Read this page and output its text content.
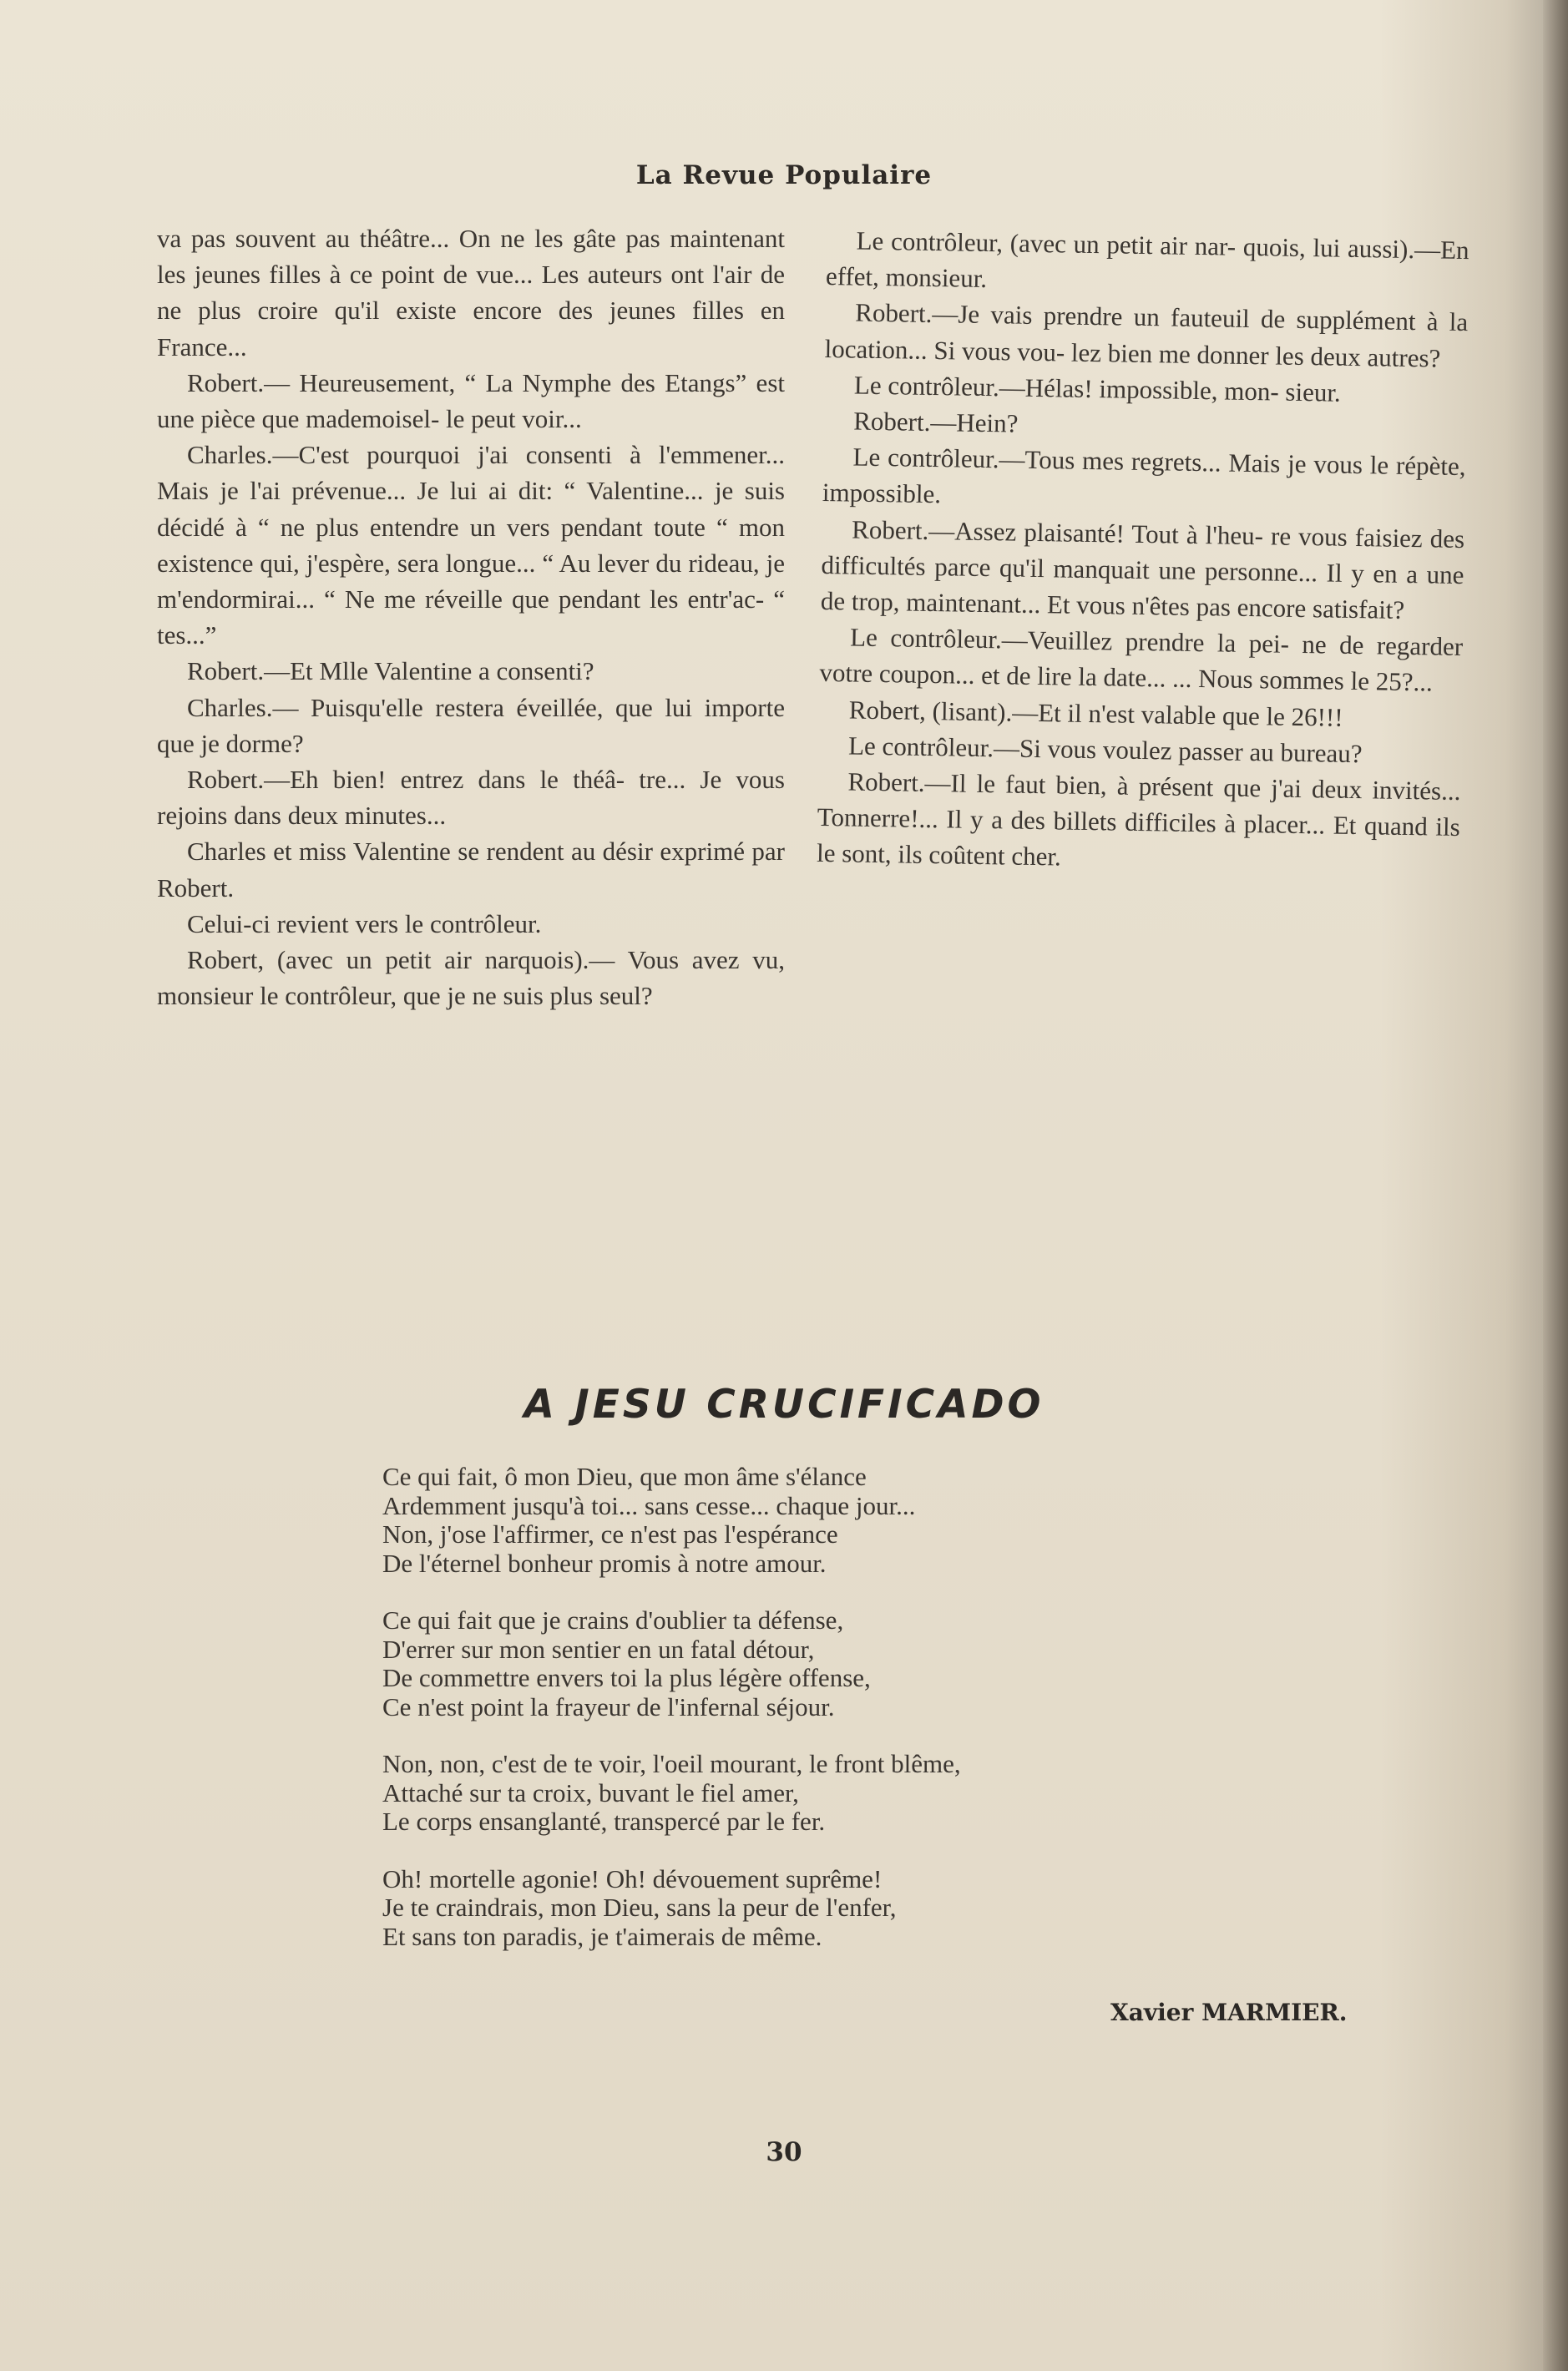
La Revue Populaire

va pas souvent au théâtre... On ne les gâte pas maintenant les jeunes filles à ce point de vue... Les auteurs ont l'air de ne plus croire qu'il existe encore des jeunes filles en France...

Robert.— Heureusement, “ La Nymphe des Etangs” est une pièce que mademoisel- le peut voir...

Charles.—C'est pourquoi j'ai consenti à l'emmener... Mais je l'ai prévenue... Je lui ai dit: “ Valentine... je suis décidé à “ ne plus entendre un vers pendant toute “ mon existence qui, j'espère, sera longue... “ Au lever du rideau, je m'endormirai... “ Ne me réveille que pendant les entr'ac- “ tes...”

Robert.—Et Mlle Valentine a consenti?

Charles.— Puisqu'elle restera éveillée, que lui importe que je dorme?

Robert.—Eh bien! entrez dans le théâ- tre... Je vous rejoins dans deux minutes...

Charles et miss Valentine se rendent au désir exprimé par Robert.

Celui-ci revient vers le contrôleur.

Robert, (avec un petit air narquois).— Vous avez vu, monsieur le contrôleur, que je ne suis plus seul?

Le contrôleur, (avec un petit air nar- quois, lui aussi).—En effet, monsieur.

Robert.—Je vais prendre un fauteuil de supplément à la location... Si vous vou- lez bien me donner les deux autres?

Le contrôleur.—Hélas! impossible, mon- sieur.

Robert.—Hein?

Le contrôleur.—Tous mes regrets... Mais je vous le répète, impossible.

Robert.—Assez plaisanté! Tout à l'heu- re vous faisiez des difficultés parce qu'il manquait une personne... Il y en a une de trop, maintenant... Et vous n'êtes pas encore satisfait?

Le contrôleur.—Veuillez prendre la pei- ne de regarder votre coupon... et de lire la date... ... Nous sommes le 25?...

Robert, (lisant).—Et il n'est valable que le 26!!!

Le contrôleur.—Si vous voulez passer au bureau?

Robert.—Il le faut bien, à présent que j'ai deux invités... Tonnerre!... Il y a des billets difficiles à placer... Et quand ils le sont, ils coûtent cher.

A JESU CRUCIFICADO
Ce qui fait, ô mon Dieu, que mon âme s'élance
Ardemment jusqu'à toi... sans cesse... chaque jour...
Non, j'ose l'affirmer, ce n'est pas l'espérance
De l'éternel bonheur promis à notre amour.
Ce qui fait que je crains d'oublier ta défense,
D'errer sur mon sentier en un fatal détour,
De commettre envers toi la plus légère offense,
Ce n'est point la frayeur de l'infernal séjour.
Non, non, c'est de te voir, l'oeil mourant, le front blême,
Attaché sur ta croix, buvant le fiel amer,
Le corps ensanglanté, transpercé par le fer.
Oh! mortelle agonie! Oh! dévouement suprême!
Je te craindrais, mon Dieu, sans la peur de l'enfer,
Et sans ton paradis, je t'aimerais de même.
Xavier MARMIER.
30
